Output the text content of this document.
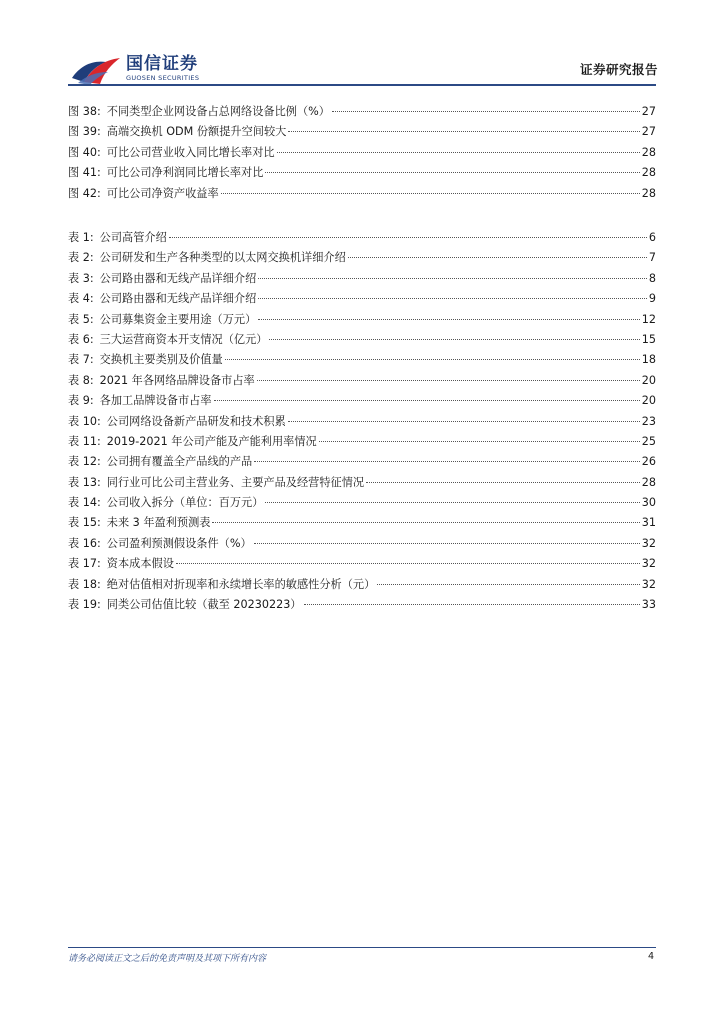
国信证券
GUOSEN SECURITIES
证券研究报告
图 38: 不同类型企业网设备占总网络设备比例（%）	27
图 39: 高端交换机 ODM 份额提升空间较大	27
图 40: 可比公司营业收入同比增长率对比	28
图 41: 可比公司净利润同比增长率对比	28
图 42: 可比公司净资产收益率	28
表 1: 公司高管介绍	6
表 2: 公司研发和生产各种类型的以太网交换机详细介绍	7
表 3: 公司路由器和无线产品详细介绍	8
表 4: 公司路由器和无线产品详细介绍	9
表 5: 公司募集资金主要用途（万元）	12
表 6: 三大运营商资本开支情况（亿元）	15
表 7: 交换机主要类别及价值量	18
表 8: 2021 年各网络品牌设备市占率	20
表 9: 各加工品牌设备市占率	20
表 10: 公司网络设备新产品研发和技术积累	23
表 11: 2019-2021 年公司产能及产能利用率情况	25
表 12: 公司拥有覆盖全产品线的产品	26
表 13: 同行业可比公司主营业务、主要产品及经营特征情况	28
表 14: 公司收入拆分（单位：百万元）	30
表 15: 未来 3 年盈利预测表	31
表 16: 公司盈利预测假设条件（%）	32
表 17: 资本成本假设	32
表 18: 绝对估值相对折现率和永续增长率的敏感性分析（元）	32
表 19: 同类公司估值比较（截至 20230223）	33
请务必阅读正文之后的免责声明及其项下所有内容	4
